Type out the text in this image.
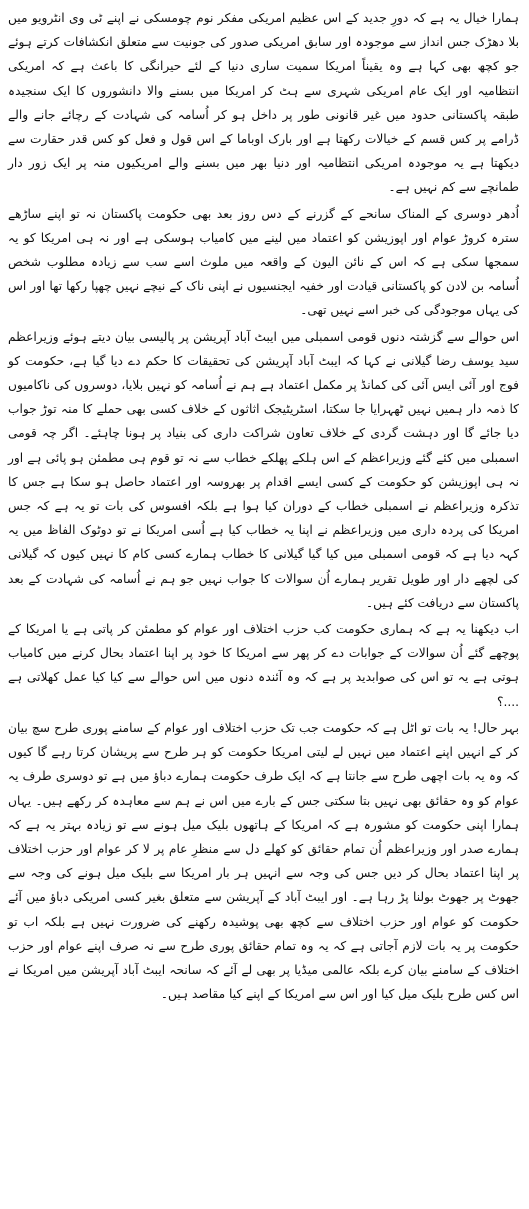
ہمارا خیال یہ ہے کہ دورِ جدید کے اس عظیم امریکی مفکر نوم چومسکی نے اپنے ٹی وی انٹرویو میں بلا دھڑک جس انداز سے موجودہ اور سابق امریکی صدور کی جونیت سے متعلق انکشافات کرتے ہوئے جو کچھ بھی کہا ہے وہ یقیناً امریکا سمیت ساری دنیا کے لئے حیرانگی کا باعث ہے کہ امریکی انتظامیہ اور ایک عام امریکی شہری سے ہٹ کر امریکا میں بسنے والا دانشوروں کا ایک سنجیدہ طبقہ پاکستانی حدود میں غیر قانونی طور پر داخل ہو کر اُسامہ کی شہادت کے رچائے جانے والے ڈرامے پر کس قسم کے خیالات رکھتا ہے اور بارک اوباما کے اس قول و فعل کو کس قدر حقارت سے دیکھتا ہے یہ موجودہ امریکی انتظامیہ اور دنیا بھر میں بسنے والے امریکیوں منہ پر ایک زور دار طمانچے سے کم نہیں ہے۔

اُدھر دوسری کے المناک سانحے کے گزرنے کے دس روز بعد بھی حکومت پاکستان نہ تو اپنے ساڑھے سترہ کروڑ عوام اور اپوزیشن کو اعتماد میں لینے میں کامیاب ہوسکی ہے اور نہ ہی امریکا کو یہ سمجھا سکی ہے کہ اس کے نائن الیون کے واقعہ میں ملوث اسے سب سے زیادہ مطلوب شخص اُسامہ بن لادن کو پاکستانی قیادت اور خفیہ ایجنسیوں نے اپنی ناک کے نیچے نہیں چھپا رکھا تھا اور اس کی یہاں موجودگی کی خبر اسے نہیں تھی۔

اس حوالے سے گزشتہ دنوں قومی اسمبلی میں ایبٹ آباد آپریشن پر پالیسی بیان دیتے ہوئے وزیراعظم سید یوسف رضا گیلانی نے کہا کہ ایبٹ آباد آپریشن کی تحقیقات کا حکم دے دیا گیا ہے، حکومت کو فوج اور آئی ایس آئی کی کمانڈ پر مکمل اعتماد ہے ہم نے اُسامہ کو نہیں بلایا، دوسروں کی ناکامیوں کا ذمہ دار ہمیں نہیں ٹھہرایا جا سکتا، اسٹریٹیجک اثاثوں کے خلاف کسی بھی حملے کا منہ توڑ جواب دیا جائے گا اور دہشت گردی کے خلاف تعاون شراکت داری کی بنیاد پر ہونا چاہئے۔ اگر چہ قومی اسمبلی میں کئے گئے وزیراعظم کے اس ہلکے پھلکے خطاب سے نہ تو قوم ہی مطمئن ہو پائی ہے اور نہ ہی اپوزیشن کو حکومت کے کسی ایسے اقدام پر بھروسہ اور اعتماد حاصل ہو سکا ہے جس کا تذکرہ وزیراعظم نے اسمبلی خطاب کے دوران کیا ہوا ہے بلکہ افسوس کی بات تو یہ ہے کہ جس امریکا کی پردہ داری میں وزیراعظم نے اپنا یہ خطاب کیا ہے اُسی امریکا نے تو دوٹوک الفاظ میں یہ کہہ دیا ہے کہ قومی اسمبلی میں کیا گیا گیلانی کا خطاب ہمارے کسی کام کا نہیں کیوں کہ گیلانی کی لچھے دار اور طویل تقریر ہمارے اُن سوالات کا جواب نہیں جو ہم نے اُسامہ کی شہادت کے بعد پاکستان سے دریافت کئے ہیں۔

اب دیکھنا یہ ہے کہ ہماری حکومت کب حزب اختلاف اور عوام کو مطمئن کر پاتی ہے یا امریکا کے پوچھے گئے اُن سوالات کے جوابات دے کر پھر سے امریکا کا خود پر اپنا اعتماد بحال کرنے میں کامیاب ہوتی ہے یہ تو اس کی صوابدید پر ہے کہ وہ آئندہ دنوں میں اس حوالے سے کیا کیا عمل کھلاتی ہے ....؟

بہر حال! یہ بات تو اٹل ہے کہ حکومت جب تک حزب اختلاف اور عوام کے سامنے پوری طرح سچ بیان کر کے انہیں اپنے اعتماد میں نہیں لے لیتی امریکا حکومت کو ہر طرح سے پریشان کرتا رہے گا کیوں کہ وہ یہ بات اچھی طرح سے جانتا ہے کہ ایک طرف حکومت ہمارے دباؤ میں ہے تو دوسری طرف یہ عوام کو وہ حقائق بھی نہیں بتا سکتی جس کے بارے میں اس نے ہم سے معاہدہ کر رکھے ہیں۔ یہاں ہمارا اپنی حکومت کو مشورہ ہے کہ امریکا کے ہاتھوں بلیک میل ہونے سے تو زیادہ بہتر یہ ہے کہ ہمارے صدر اور وزیراعظم اُن تمام حقائق کو کھلے دل سے منظرِ عام پر لا کر عوام اور حزب اختلاف پر اپنا اعتماد بحال کر دیں جس کی وجہ سے انہیں ہر بار امریکا سے بلیک میل ہونے کی وجہ سے جھوٹ پر جھوٹ بولنا پڑ رہا ہے۔ اور ایبٹ آباد کے آپریشن سے متعلق بغیر کسی امریکی دباؤ میں آئے حکومت کو عوام اور حزب اختلاف سے کچھ بھی پوشیدہ رکھنے کی ضرورت نہیں ہے بلکہ اب تو حکومت پر یہ بات لازم آجاتی ہے کہ یہ وہ تمام حقائق پوری طرح سے نہ صرف اپنے عوام اور حزب اختلاف کے سامنے بیان کرے بلکہ عالمی میڈیا پر بھی لے آئے کہ سانحہ ایبٹ آباد آپریشن میں امریکا نے اس کس طرح بلیک میل کیا اور اس سے امریکا کے اپنے کیا مقاصد ہیں۔
